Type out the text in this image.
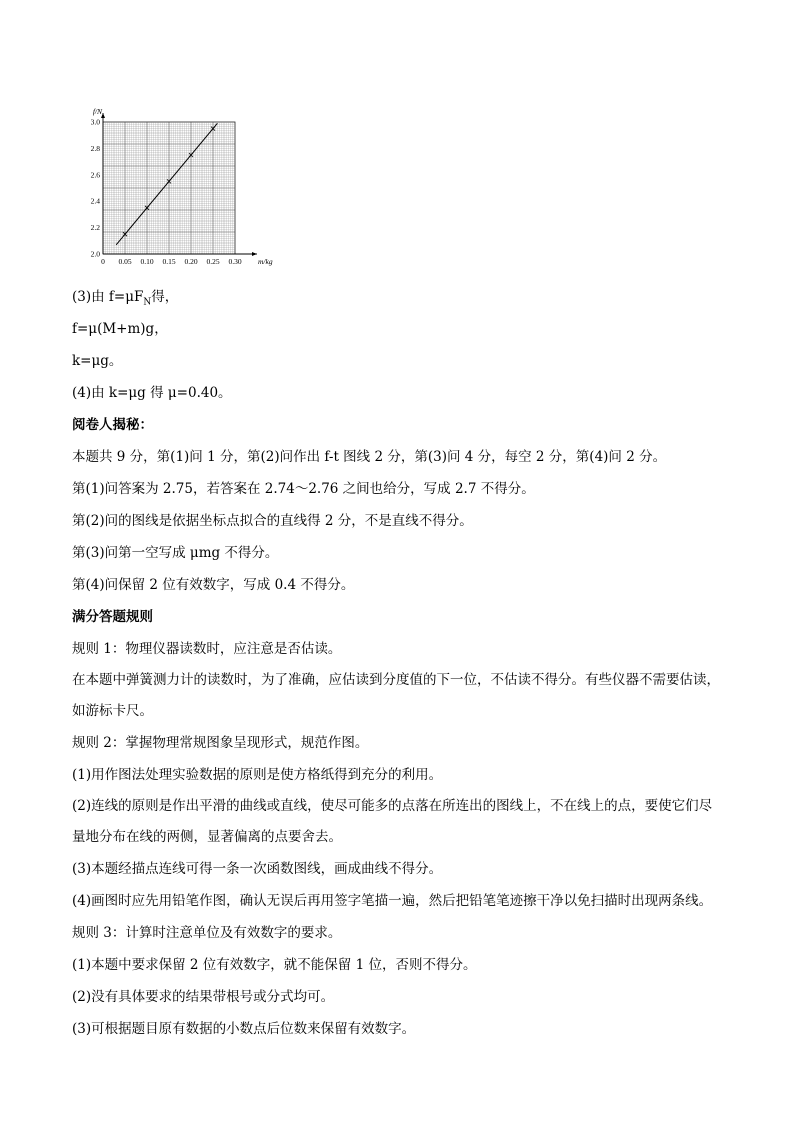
0 0.05 0.10 0.15 0.20 0.25 0.30
2.0
2.2
2.4
2.6
2.8
3.0
m/kg
f/N
(3)由 $f=\mu F_N$得，
f=μ(M+m)g，
k=μg。
(4)由 k=μg 得 μ=0.40。
阅卷人揭秘：
本题共 9 分，第(1)问 1 分，第(2)问作出 f-t 图线 2 分，第(3)问 4 分，每空 2 分，第(4)问 2 分。
第(1)问答案为 2.75，若答案在 2.74～2.76 之间也给分，写成 2.7 不得分。
第(2)问的图线是依据坐标点拟合的直线得 2 分，不是直线不得分。
第(3)问第一空写成 μmg 不得分。
第(4)问保留 2 位有效数字，写成 0.4 不得分。
满分答题规则
规则 1：物理仪器读数时，应注意是否估读。
在本题中弹簧测力计的读数时，为了准确，应估读到分度值的下一位，不估读不得分。有些仪器不需要估读，如游标卡尺。
规则 2：掌握物理常规图象呈现形式，规范作图。
(1)用作图法处理实验数据的原则是使方格纸得到充分的利用。
(2)连线的原则是作出平滑的曲线或直线，使尽可能多的点落在所连出的图线上，不在线上的点，要使它们尽量地分布在线的两侧，显著偏离的点要舍去。
(3)本题经描点连线可得一条一次函数图线，画成曲线不得分。
(4)画图时应先用铅笔作图，确认无误后再用签字笔描一遍，然后把铅笔笔迹擦干净以免扫描时出现两条线。
规则 3：计算时注意单位及有效数字的要求。
(1)本题中要求保留 2 位有效数字，就不能保留 1 位，否则不得分。
(2)没有具体要求的结果带根号或分式均可。
(3)可根据题目原有数据的小数点后位数来保留有效数字。
